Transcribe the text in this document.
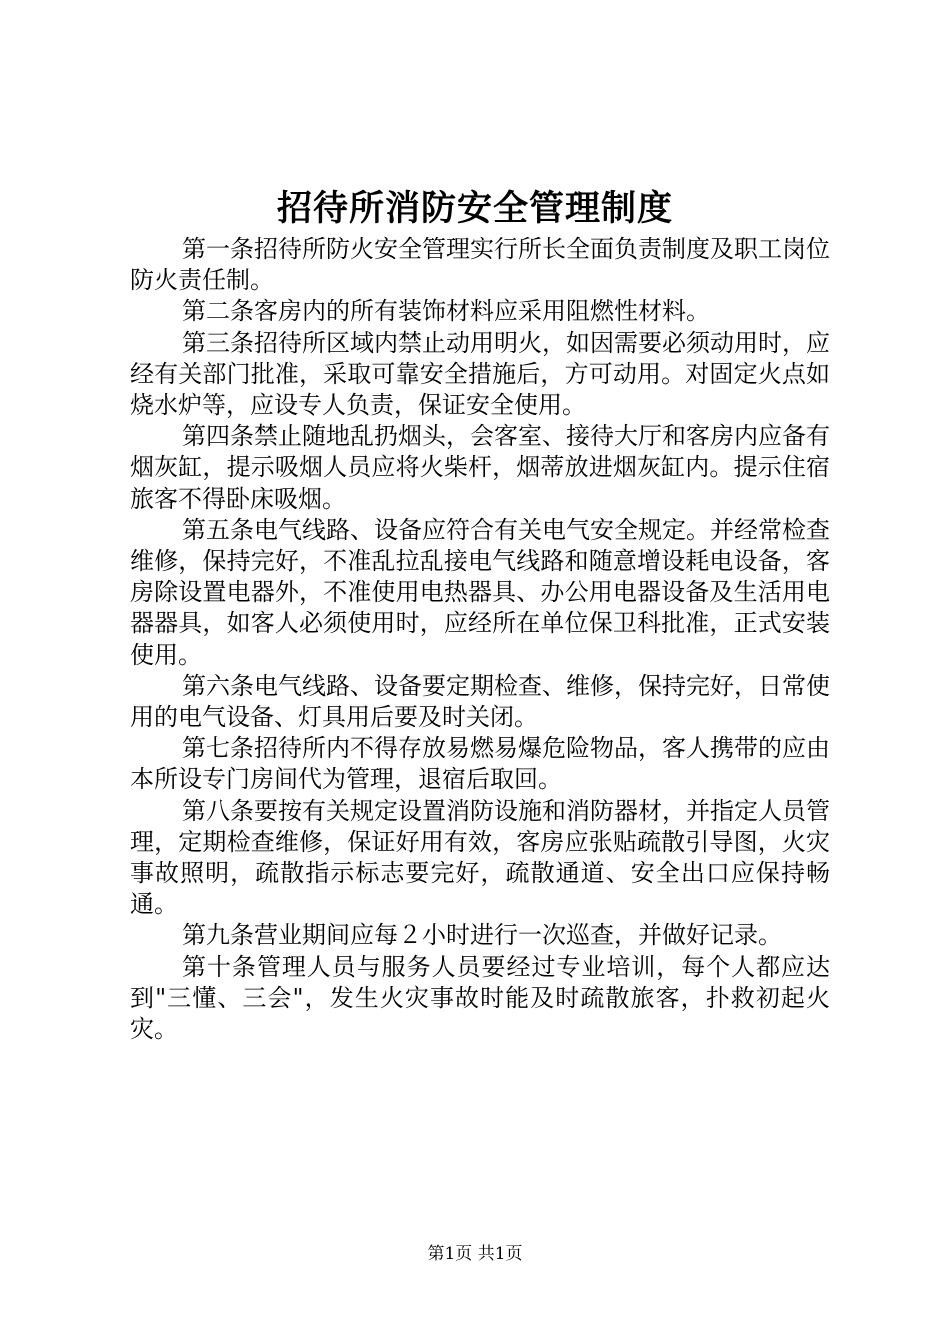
招待所消防安全管理制度

第一条招待所防火安全管理实行所长全面负责制度及职工岗位防火责任制。

第二条客房内的所有装饰材料应采用阻燃性材料。

第三条招待所区域内禁止动用明火，如因需要必须动用时，应经有关部门批准，采取可靠安全措施后，方可动用。对固定火点如烧水炉等，应设专人负责，保证安全使用。

第四条禁止随地乱扔烟头，会客室、接待大厅和客房内应备有烟灰缸，提示吸烟人员应将火柴杆，烟蒂放进烟灰缸内。提示住宿旅客不得卧床吸烟。

第五条电气线路、设备应符合有关电气安全规定。并经常检查维修，保持完好，不准乱拉乱接电气线路和随意增设耗电设备，客房除设置电器外，不准使用电热器具、办公用电器设备及生活用电器器具，如客人必须使用时，应经所在单位保卫科批准，正式安装使用。

第六条电气线路、设备要定期检查、维修，保持完好，日常使用的电气设备、灯具用后要及时关闭。

第七条招待所内不得存放易燃易爆危险物品，客人携带的应由本所设专门房间代为管理，退宿后取回。

第八条要按有关规定设置消防设施和消防器材，并指定人员管理，定期检查维修，保证好用有效，客房应张贴疏散引导图，火灾事故照明，疏散指示标志要完好，疏散通道、安全出口应保持畅通。

第九条营业期间应每２小时进行一次巡查，并做好记录。

第十条管理人员与服务人员要经过专业培训，每个人都应达到"三懂、三会"，发生火灾事故时能及时疏散旅客，扑救初起火灾。

第1页 共1页
